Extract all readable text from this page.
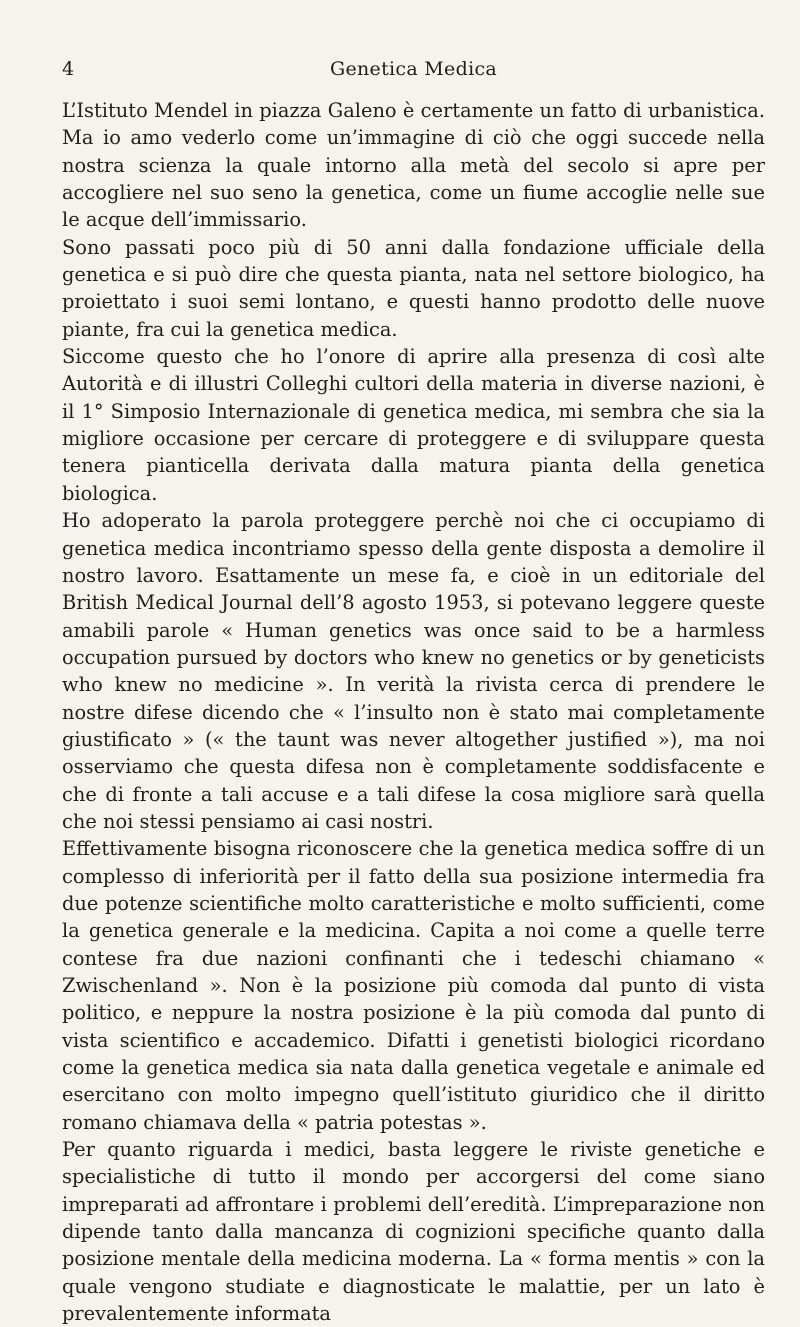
4	Genetica Medica

L’Istituto Mendel in piazza Galeno è certamente un fatto di urbanistica. Ma io amo vederlo come un’immagine di ciò che oggi succede nella nostra scienza la quale intorno alla metà del secolo si apre per accogliere nel suo seno la genetica, come un fiume accoglie nelle sue le acque dell’immissario.

Sono passati poco più di 50 anni dalla fondazione ufficiale della genetica e si può dire che questa pianta, nata nel settore biologico, ha proiettato i suoi semi lontano, e questi hanno prodotto delle nuove piante, fra cui la genetica medica.

Siccome questo che ho l’onore di aprire alla presenza di così alte Autorità e di illustri Colleghi cultori della materia in diverse nazioni, è il 1° Simposio Internazionale di genetica medica, mi sembra che sia la migliore occasione per cercare di proteggere e di sviluppare questa tenera pianticella derivata dalla matura pianta della genetica biologica.

Ho adoperato la parola proteggere perchè noi che ci occupiamo di genetica medica incontriamo spesso della gente disposta a demolire il nostro lavoro. Esattamente un mese fa, e cioè in un editoriale del British Medical Journal dell’8 agosto 1953, si potevano leggere queste amabili parole « Human genetics was once said to be a harmless occupation pursued by doctors who knew no genetics or by geneticists who knew no medicine ». In verità la rivista cerca di prendere le nostre difese dicendo che « l’insulto non è stato mai completamente giustificato » (« the taunt was never altogether justified »), ma noi osserviamo che questa difesa non è completamente soddisfacente e che di fronte a tali accuse e a tali difese la cosa migliore sarà quella che noi stessi pensiamo ai casi nostri.

Effettivamente bisogna riconoscere che la genetica medica soffre di un complesso di inferiorità per il fatto della sua posizione intermedia fra due potenze scientifiche molto caratteristiche e molto sufficienti, come la genetica generale e la medicina. Capita a noi come a quelle terre contese fra due nazioni confinanti che i tedeschi chiamano « Zwischenland ». Non è la posizione più comoda dal punto di vista politico, e neppure la nostra posizione è la più comoda dal punto di vista scientifico e accademico. Difatti i genetisti biologici ricordano come la genetica medica sia nata dalla genetica vegetale e animale ed esercitano con molto impegno quell’istituto giuridico che il diritto romano chiamava della « patria potestas ».

Per quanto riguarda i medici, basta leggere le riviste genetiche e specialistiche di tutto il mondo per accorgersi del come siano impreparati ad affrontare i problemi dell’eredità. L’impreparazione non dipende tanto dalla mancanza di cognizioni specifiche quanto dalla posizione mentale della medicina moderna. La « forma mentis » con la quale vengono studiate e diagnosticate le malattie, per un lato è prevalentemente informata
